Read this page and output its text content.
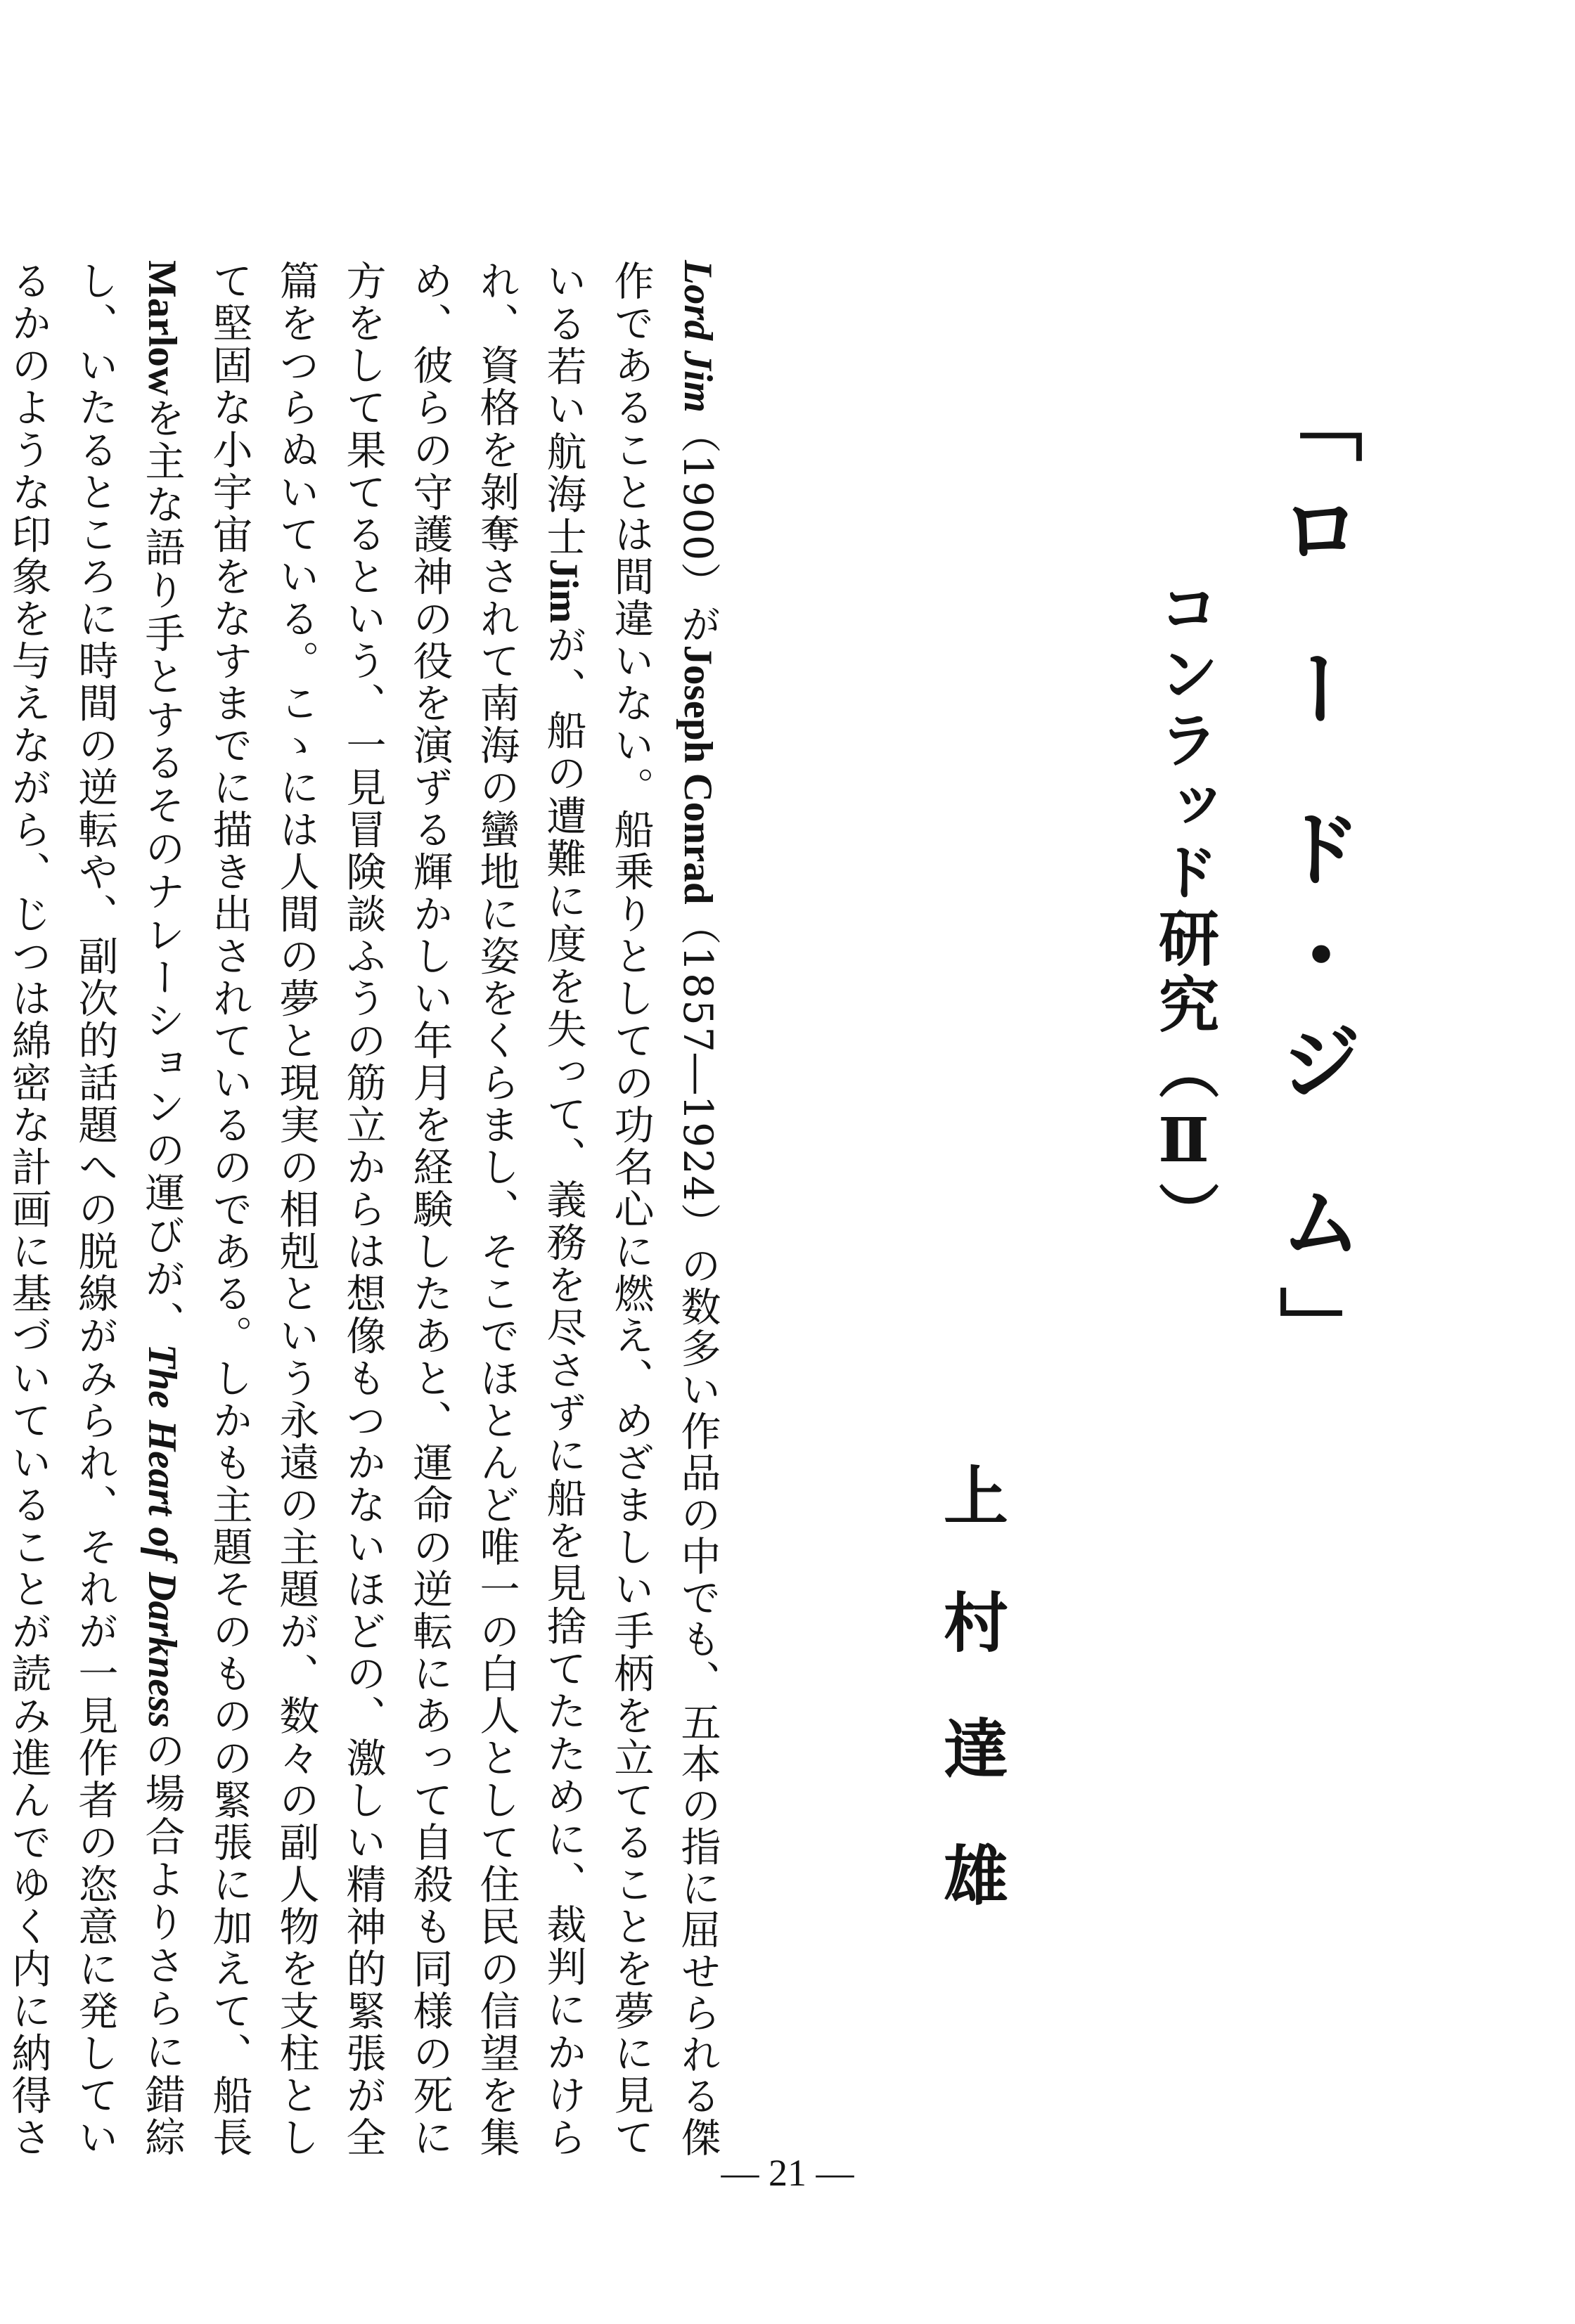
「ロ ー ド・ジ ム」
コンラッド研究（Ⅱ）
上村達雄

Lord Jim（1900）がJoseph Conrad（1857―1924）の数多い作品の中でも、五本の指に屈せられる傑作であることは間違いない。船乗りとしての功名心に燃え、めざましい手柄を立てることを夢に見ている若い航海士Jimが、船の遭難に度を失って、義務を尽さずに船を見捨てたために、裁判にかけられ、資格を剝奪されて南海の蠻地に姿をくらまし、そこでほとんど唯一の白人として住民の信望を集め、彼らの守護神の役を演ずる輝かしい年月を経験したあと、運命の逆転にあって自殺も同様の死に方をして果てるという、一見冒険談ふうの筋立からは想像もつかないほどの、激しい精神的緊張が全篇をつらぬいている。こゝには人間の夢と現実の相剋という永遠の主題が、数々の副人物を支柱として堅固な小宇宙をなすまでに描き出されているのである。しかも主題そのものの緊張に加えて、船長Marlowを主な語り手とするそのナレーションの運びが、The Heart of Darknessの場合よりさらに錯綜し、いたるところに時間の逆転や、副次的話題への脱線がみられ、それが一見作者の恣意に発しているかのような印象を与えながら、じつは綿密な計画に基づいていることが読み進んでゆく内に納得さ

― 21 ―
